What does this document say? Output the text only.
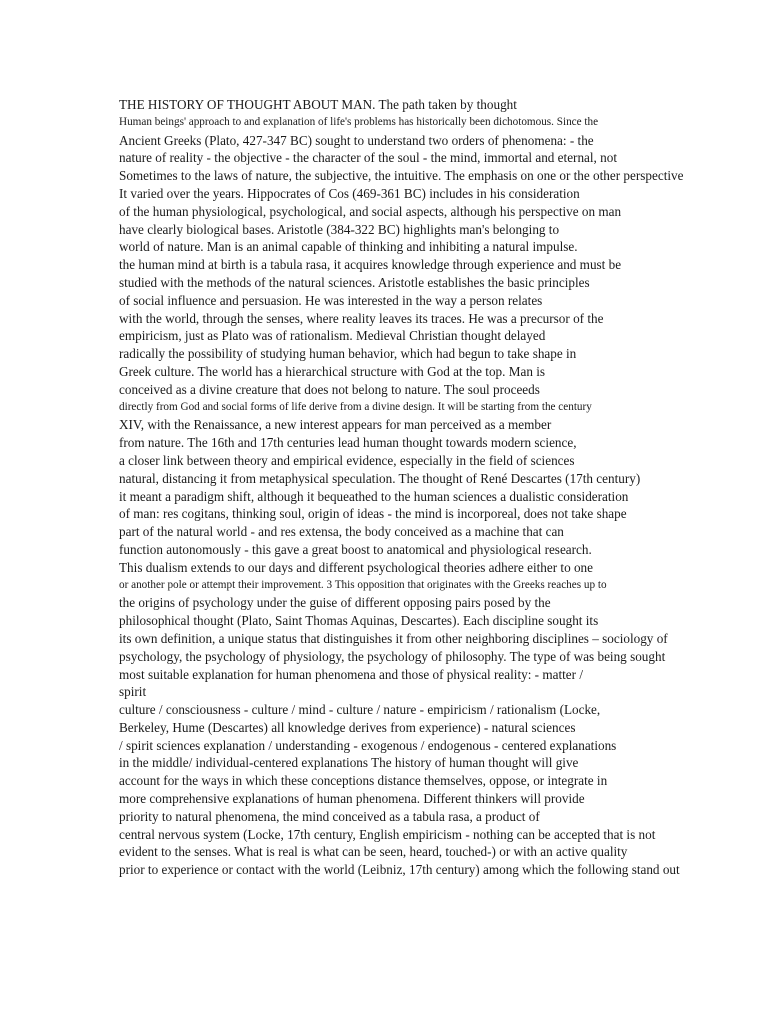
THE HISTORY OF THOUGHT ABOUT MAN. The path taken by thought
Human beings' approach to and explanation of life's problems has historically been dichotomous. Since the
Ancient Greeks (Plato, 427-347 BC) sought to understand two orders of phenomena: - the
nature of reality - the objective - the character of the soul - the mind, immortal and eternal, not
Sometimes to the laws of nature, the subjective, the intuitive. The emphasis on one or the other perspective
It varied over the years. Hippocrates of Cos (469-361 BC) includes in his consideration
of the human physiological, psychological, and social aspects, although his perspective on man
have clearly biological bases. Aristotle (384-322 BC) highlights man's belonging to
world of nature. Man is an animal capable of thinking and inhibiting a natural impulse.
the human mind at birth is a tabula rasa, it acquires knowledge through experience and must be
studied with the methods of the natural sciences. Aristotle establishes the basic principles
of social influence and persuasion. He was interested in the way a person relates
with the world, through the senses, where reality leaves its traces. He was a precursor of the
empiricism, just as Plato was of rationalism. Medieval Christian thought delayed
radically the possibility of studying human behavior, which had begun to take shape in
Greek culture. The world has a hierarchical structure with God at the top. Man is
conceived as a divine creature that does not belong to nature. The soul proceeds
directly from God and social forms of life derive from a divine design. It will be starting from the century
XIV, with the Renaissance, a new interest appears for man perceived as a member
from nature. The 16th and 17th centuries lead human thought towards modern science,
a closer link between theory and empirical evidence, especially in the field of sciences
natural, distancing it from metaphysical speculation. The thought of René Descartes (17th century)
it meant a paradigm shift, although it bequeathed to the human sciences a dualistic consideration
of man: res cogitans, thinking soul, origin of ideas - the mind is incorporeal, does not take shape
part of the natural world - and res extensa, the body conceived as a machine that can
function autonomously - this gave a great boost to anatomical and physiological research.
This dualism extends to our days and different psychological theories adhere either to one
or another pole or attempt their improvement. 3 This opposition that originates with the Greeks reaches up to
the origins of psychology under the guise of different opposing pairs posed by the
philosophical thought (Plato, Saint Thomas Aquinas, Descartes). Each discipline sought its
its own definition, a unique status that distinguishes it from other neighboring disciplines – sociology of
psychology, the psychology of physiology, the psychology of philosophy. The type of was being sought
most suitable explanation for human phenomena and those of physical reality: - matter /
spirit
culture / consciousness - culture / mind - culture / nature - empiricism / rationalism (Locke,
Berkeley, Hume (Descartes) all knowledge derives from experience) - natural sciences
/ spirit sciences explanation / understanding - exogenous / endogenous - centered explanations
in the middle/ individual-centered explanations The history of human thought will give
account for the ways in which these conceptions distance themselves, oppose, or integrate in
more comprehensive explanations of human phenomena. Different thinkers will provide
priority to natural phenomena, the mind conceived as a tabula rasa, a product of
central nervous system (Locke, 17th century, English empiricism - nothing can be accepted that is not
evident to the senses. What is real is what can be seen, heard, touched-) or with an active quality
prior to experience or contact with the world (Leibniz, 17th century) among which the following stand out
